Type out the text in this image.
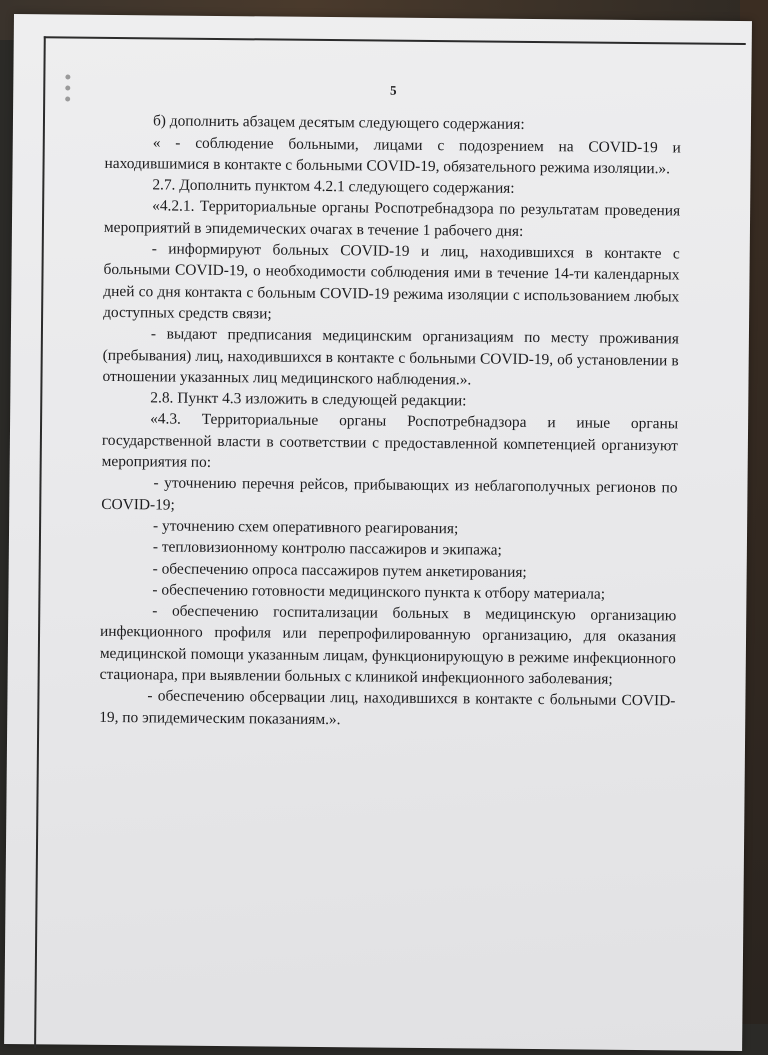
5

б) дополнить абзацем десятым следующего содержания:

« - соблюдение больными, лицами с подозрением на COVID-19 и находившимися в контакте с больными COVID-19, обязательного режима изоляции.».

2.7. Дополнить пунктом 4.2.1 следующего содержания:

«4.2.1. Территориальные органы Роспотребнадзора по результатам проведения мероприятий в эпидемических очагах в течение 1 рабочего дня:

- информируют больных COVID-19 и лиц, находившихся в контакте с больными COVID-19, о необходимости соблюдения ими в течение 14-ти календарных дней со дня контакта с больным COVID-19 режима изоляции с использованием любых доступных средств связи;

- выдают предписания медицинским организациям по месту проживания (пребывания) лиц, находившихся в контакте с больными COVID-19, об установлении в отношении указанных лиц медицинского наблюдения.».

2.8. Пункт 4.3 изложить в следующей редакции:

«4.3. Территориальные органы Роспотребнадзора и иные органы государственной власти в соответствии с предоставленной компетенцией организуют мероприятия по:

- уточнению перечня рейсов, прибывающих из неблагополучных регионов по COVID-19;

- уточнению схем оперативного реагирования;

- тепловизионному контролю пассажиров и экипажа;

- обеспечению опроса пассажиров путем анкетирования;

- обеспечению готовности медицинского пункта к отбору материала;

- обеспечению госпитализации больных в медицинскую организацию инфекционного профиля или перепрофилированную организацию, для оказания медицинской помощи указанным лицам, функционирующую в режиме инфекционного стационара, при выявлении больных с клиникой инфекционного заболевания;

- обеспечению обсервации лиц, находившихся в контакте с больными COVID-19, по эпидемическим показаниям.».
